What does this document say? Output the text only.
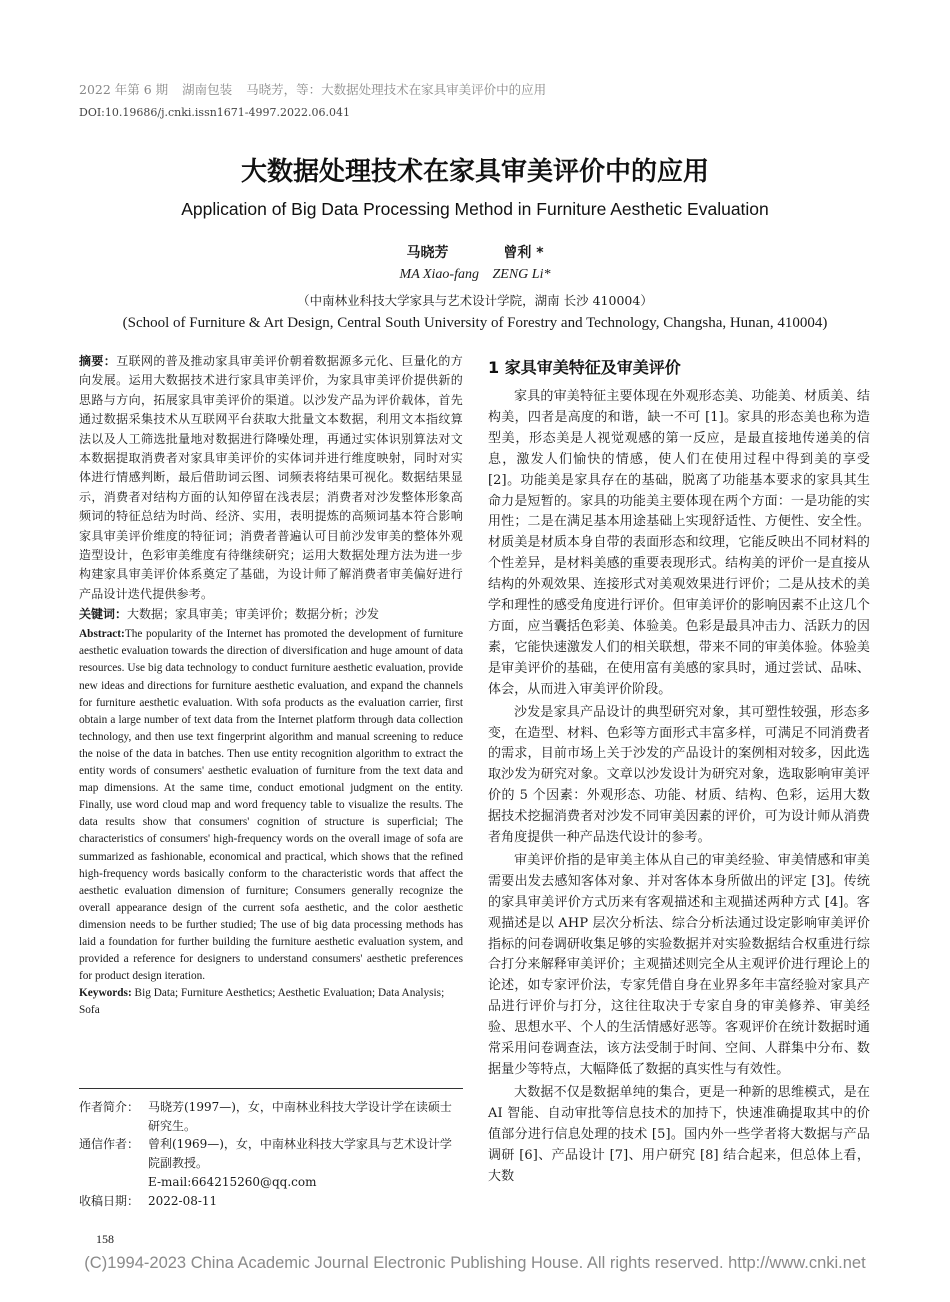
2022 年第 6 期 湖南包装 马晓芳，等：大数据处理技术在家具审美评价中的应用
DOI:10.19686/j.cnki.issn1671-4997.2022.06.041
大数据处理技术在家具审美评价中的应用
Application of Big Data Processing Method in Furniture Aesthetic Evaluation
马晓芳	曾利 *
MA Xiao-fang ZENG Li*
（中南林业科技大学家具与艺术设计学院，湖南 长沙 410004）
(School of Furniture & Art Design, Central South University of Forestry and Technology, Changsha, Hunan, 410004)

摘要：互联网的普及推动家具审美评价朝着数据源多元化、巨量化的方向发展。运用大数据技术进行家具审美评价，为家具审美评价提供新的思路与方向，拓展家具审美评价的渠道。以沙发产品为评价载体，首先通过数据采集技术从互联网平台获取大批量文本数据，利用文本指纹算法以及人工筛选批量地对数据进行降噪处理，再通过实体识别算法对文本数据提取消费者对家具审美评价的实体词并进行维度映射，同时对实体进行情感判断，最后借助词云图、词频表将结果可视化。数据结果显示，消费者对结构方面的认知停留在浅表层；消费者对沙发整体形象高频词的特征总结为时尚、经济、实用，表明提炼的高频词基本符合影响家具审美评价维度的特征词；消费者普遍认可目前沙发审美的整体外观造型设计，色彩审美维度有待继续研究；运用大数据处理方法为进一步构建家具审美评价体系奠定了基础，为设计师了解消费者审美偏好进行产品设计迭代提供参考。

关键词：大数据；家具审美；审美评价；数据分析；沙发

Abstract:The popularity of the Internet has promoted the development of furniture aesthetic evaluation towards the direction of diversification and huge amount of data resources. Use big data technology to conduct furniture aesthetic evaluation, provide new ideas and directions for furniture aesthetic evaluation, and expand the channels for furniture aesthetic evaluation. With sofa products as the evaluation carrier, first obtain a large number of text data from the Internet platform through data collection technology, and then use text fingerprint algorithm and manual screening to reduce the noise of the data in batches. Then use entity recognition algorithm to extract the entity words of consumers' aesthetic evaluation of furniture from the text data and map dimensions. At the same time, conduct emotional judgment on the entity. Finally, use word cloud map and word frequency table to visualize the results. The data results show that consumers' cognition of structure is superficial; The characteristics of consumers' high-frequency words on the overall image of sofa are summarized as fashionable, economical and practical, which shows that the refined high-frequency words basically conform to the characteristic words that affect the aesthetic evaluation dimension of furniture; Consumers generally recognize the overall appearance design of the current sofa aesthetic, and the color aesthetic dimension needs to be further studied; The use of big data processing methods has laid a foundation for further building the furniture aesthetic evaluation system, and provided a reference for designers to understand consumers' aesthetic preferences for product design iteration.

Keywords: Big Data; Furniture Aesthetics; Aesthetic Evaluation; Data Analysis; Sofa

作者简介： 马晓芳(1997—)，女，中南林业科技大学设计学在读硕士研究生。
通信作者： 曾利(1969—)，女，中南林业科技大学家具与艺术设计学院副教授。
E-mail:664215260@qq.com
收稿日期： 2022-08-11
158
1 家具审美特征及审美评价

家具的审美特征主要体现在外观形态美、功能美、材质美、结构美，四者是高度的和谐，缺一不可 [1]。家具的形态美也称为造型美，形态美是人视觉观感的第一反应，是最直接地传递美的信息，激发人们愉快的情感，使人们在使用过程中得到美的享受 [2]。功能美是家具存在的基础，脱离了功能基本要求的家具其生命力是短暂的。家具的功能美主要体现在两个方面：一是功能的实用性；二是在满足基本用途基础上实现舒适性、方便性、安全性。材质美是材质本身自带的表面形态和纹理，它能反映出不同材料的个性差异，是材料美感的重要表现形式。结构美的评价一是直接从结构的外观效果、连接形式对美观效果进行评价；二是从技术的美学和理性的感受角度进行评价。但审美评价的影响因素不止这几个方面，应当囊括色彩美、体验美。色彩是最具冲击力、活跃力的因素，它能快速激发人们的相关联想，带来不同的审美体验。体验美是审美评价的基础，在使用富有美感的家具时，通过尝试、品味、体会，从而进入审美评价阶段。

沙发是家具产品设计的典型研究对象，其可塑性较强，形态多变，在造型、材料、色彩等方面形式丰富多样，可满足不同消费者的需求，目前市场上关于沙发的产品设计的案例相对较多，因此选取沙发为研究对象。文章以沙发设计为研究对象，选取影响审美评价的 5 个因素：外观形态、功能、材质、结构、色彩，运用大数据技术挖掘消费者对沙发不同审美因素的评价，可为设计师从消费者角度提供一种产品迭代设计的参考。

审美评价指的是审美主体从自己的审美经验、审美情感和审美需要出发去感知客体对象、并对客体本身所做出的评定 [3]。传统的家具审美评价方式历来有客观描述和主观描述两种方式 [4]。客观描述是以 AHP 层次分析法、综合分析法通过设定影响审美评价指标的问卷调研收集足够的实验数据并对实验数据结合权重进行综合打分来解释审美评价；主观描述则完全从主观评价进行理论上的论述，如专家评价法，专家凭借自身在业界多年丰富经验对家具产品进行评价与打分，这往往取决于专家自身的审美修养、审美经验、思想水平、个人的生活情感好恶等。客观评价在统计数据时通常采用问卷调查法，该方法受制于时间、空间、人群集中分布、数据量少等特点，大幅降低了数据的真实性与有效性。

大数据不仅是数据单纯的集合，更是一种新的思维模式，是在 AI 智能、自动审批等信息技术的加持下，快速准确提取其中的价值部分进行信息处理的技术 [5]。国内外一些学者将大数据与产品调研 [6]、产品设计 [7]、用户研究 [8] 结合起来，但总体上看，大数

(C)1994-2023 China Academic Journal Electronic Publishing House. All rights reserved. http://www.cnki.net
